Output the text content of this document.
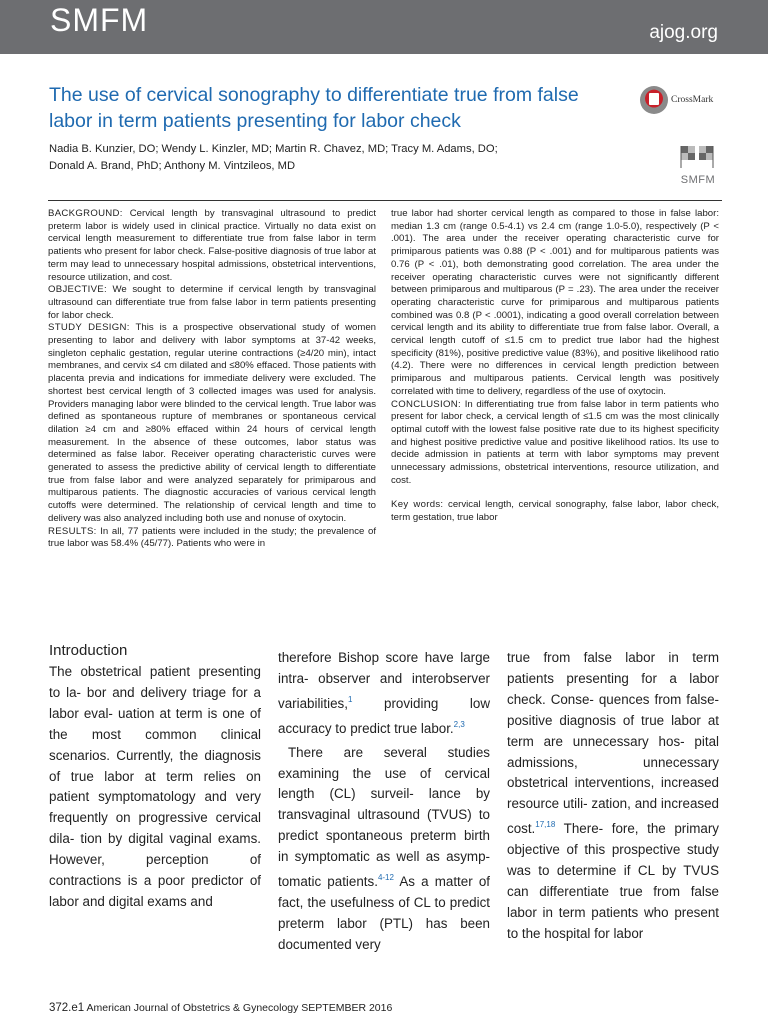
SMFM	ajog.org
The use of cervical sonography to differentiate true from false labor in term patients presenting for labor check
Nadia B. Kunzier, DO; Wendy L. Kinzler, MD; Martin R. Chavez, MD; Tracy M. Adams, DO;
Donald A. Brand, PhD; Anthony M. Vintzileos, MD
CrossMark
SMFM

BACKGROUND: Cervical length by transvaginal ultrasound to predict preterm labor is widely used in clinical practice. Virtually no data exist on cervical length measurement to differentiate true from false labor in term patients who present for labor check. False-positive diagnosis of true labor at term may lead to unnecessary hospital admissions, obstetrical interventions, resource utilization, and cost.

OBJECTIVE: We sought to determine if cervical length by transvaginal ultrasound can differentiate true from false labor in term patients presenting for labor check.

STUDY DESIGN: This is a prospective observational study of women presenting to labor and delivery with labor symptoms at 37-42 weeks, singleton cephalic gestation, regular uterine contractions (≥4/20 min), intact membranes, and cervix ≤4 cm dilated and ≤80% effaced. Those patients with placenta previa and indications for immediate delivery were excluded. The shortest best cervical length of 3 collected images was used for analysis. Providers managing labor were blinded to the cervical length. True labor was defined as spontaneous rupture of membranes or spontaneous cervical dilation ≥4 cm and ≥80% effaced within 24 hours of cervical length measurement. In the absence of these outcomes, labor status was determined as false labor. Receiver operating characteristic curves were generated to assess the predictive ability of cervical length to differentiate true from false labor and were analyzed separately for primiparous and multiparous patients. The diagnostic accuracies of various cervical length cutoffs were determined. The relationship of cervical length and time to delivery was also analyzed including both use and nonuse of oxytocin.

RESULTS: In all, 77 patients were included in the study; the prevalence of true labor was 58.4% (45/77). Patients who were in

true labor had shorter cervical length as compared to those in false labor: median 1.3 cm (range 0.5-4.1) vs 2.4 cm (range 1.0-5.0), respectively (P < .001). The area under the receiver operating characteristic curve for primiparous patients was 0.88 (P < .001) and for multiparous patients was 0.76 (P < .01), both demonstrating good correlation. The area under the receiver operating characteristic curves were not significantly different between primiparous and multiparous (P = .23). The area under the receiver operating characteristic curve for primiparous and multiparous patients combined was 0.8 (P < .0001), indicating a good overall correlation between cervical length and its ability to differentiate true from false labor. Overall, a cervical length cutoff of ≤1.5 cm to predict true labor had the highest specificity (81%), positive predictive value (83%), and positive likelihood ratio (4.2). There were no differences in cervical length prediction between primiparous and multiparous patients. Cervical length was positively correlated with time to delivery, regardless of the use of oxytocin.

CONCLUSION: In differentiating true from false labor in term patients who present for labor check, a cervical length of ≤1.5 cm was the most clinically optimal cutoff with the lowest false positive rate due to its highest specificity and highest positive predictive value and positive likelihood ratios. Its use to decide admission in patients at term with labor symptoms may prevent unnecessary admissions, obstetrical interventions, resource utilization, and cost.

Key words: cervical length, cervical sonography, false labor, labor check, term gestation, true labor

Introduction

The obstetrical patient presenting to la- bor and delivery triage for a labor eval- uation at term is one of the most common clinical scenarios. Currently, the diagnosis of true labor at term relies on patient symptomatology and very frequently on progressive cervical dila- tion by digital vaginal exams. However, perception of contractions is a poor predictor of labor and digital exams and

therefore Bishop score have large intra- observer and interobserver variabilities,$^1$ providing low accuracy to predict true labor.$^{2,3}$

There are several studies examining the use of cervical length (CL) surveil- lance by transvaginal ultrasound (TVUS) to predict spontaneous preterm birth in symptomatic as well as asymp- tomatic patients.$^{4-12}$ As a matter of fact, the usefulness of CL to predict preterm labor (PTL) has been documented very

true from false labor in term patients presenting for a labor check. Conse- quences from false-positive diagnosis of true labor at term are unnecessary hos- pital admissions, unnecessary obstetrical interventions, increased resource utili- zation, and increased cost.$^{17,18}$ There- fore, the primary objective of this prospective study was to determine if CL by TVUS can differentiate true from false labor in term patients who present to the hospital for labor

372.e1 American Journal of Obstetrics & Gynecology SEPTEMBER 2016
